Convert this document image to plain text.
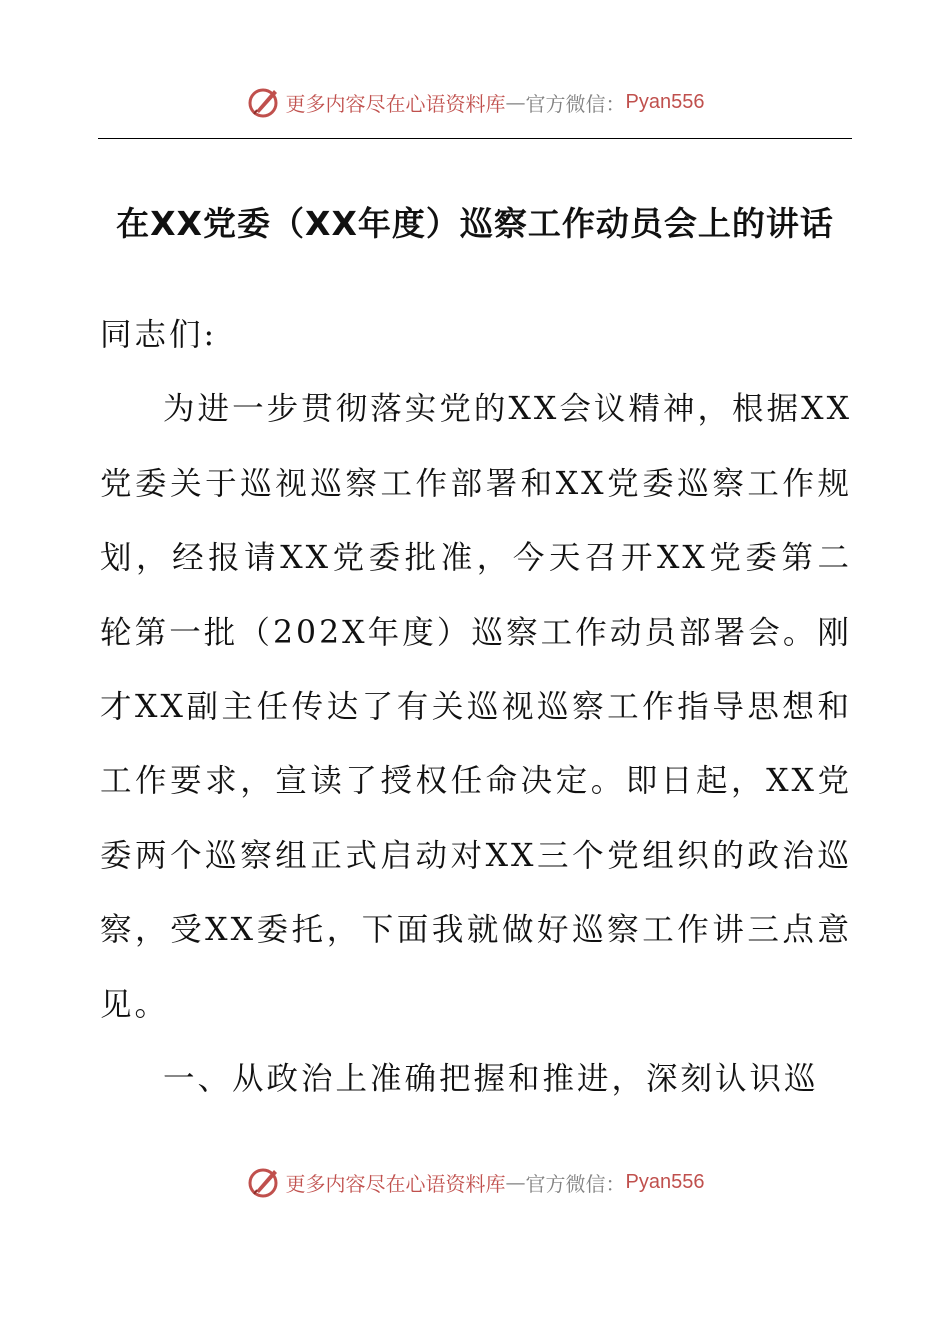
更多内容尽在心语资料库 — 官方微信： Pyan556
在XX党委（XX年度）巡察工作动员会上的讲话

同志们:

为进一步贯彻落实党的XX会议精神，根据XX党委关于巡视巡察工作部署和XX党委巡察工作规划，经报请XX党委批准，今天召开XX党委第二轮第一批（202X年度）巡察工作动员部署会。刚才XX副主任传达了有关巡视巡察工作指导思想和工作要求，宣读了授权任命决定。即日起，XX党委两个巡察组正式启动对XX三个党组织的政治巡察，受XX委托，下面我就做好巡察工作讲三点意见。

一、从政治上准确把握和推进，深刻认识巡

更多内容尽在心语资料库 — 官方微信： Pyan556
